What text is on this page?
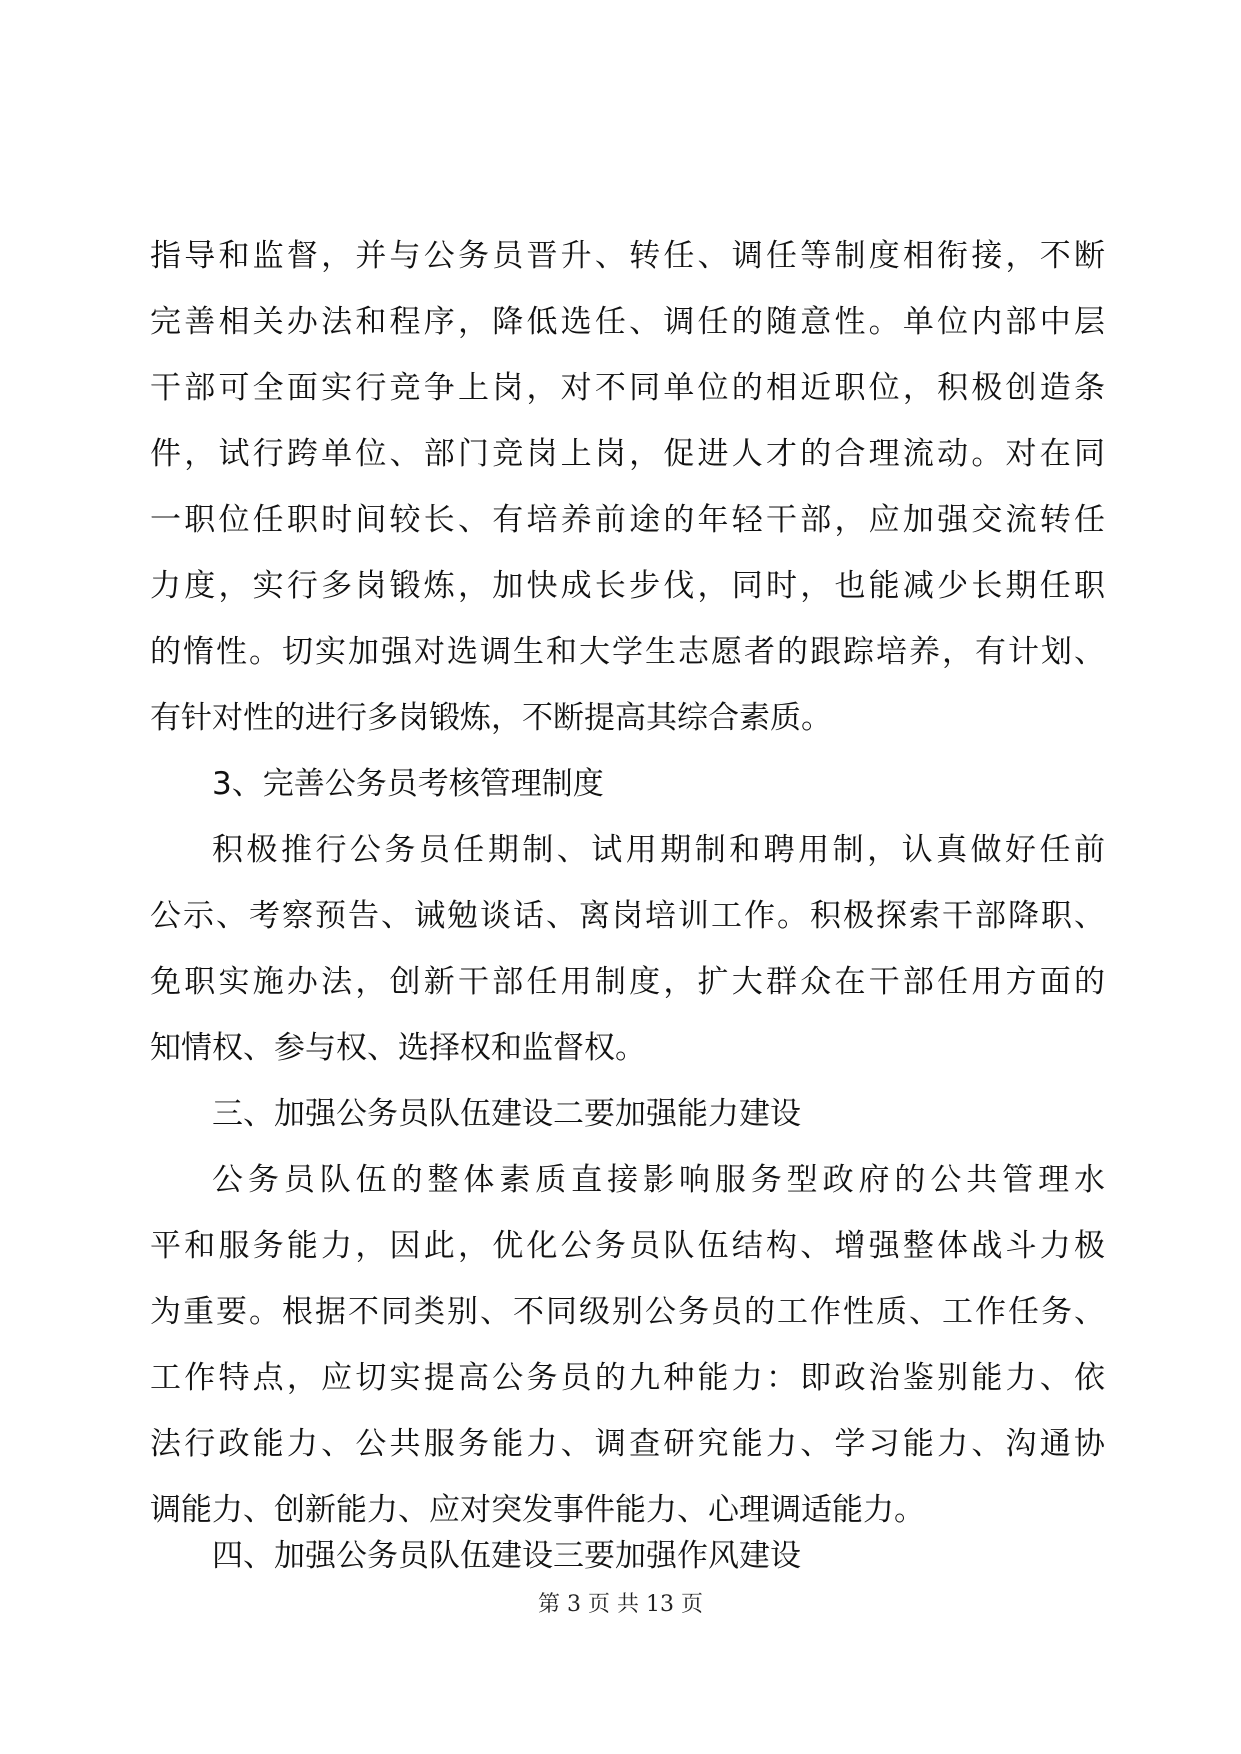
指导和监督，并与公务员晋升、转任、调任等制度相衔接，不断
完善相关办法和程序，降低选任、调任的随意性。单位内部中层
干部可全面实行竞争上岗，对不同单位的相近职位，积极创造条
件，试行跨单位、部门竞岗上岗，促进人才的合理流动。对在同
一职位任职时间较长、有培养前途的年轻干部，应加强交流转任
力度，实行多岗锻炼，加快成长步伐，同时，也能减少长期任职
的惰性。切实加强对选调生和大学生志愿者的跟踪培养，有计划、
有针对性的进行多岗锻炼，不断提高其综合素质。
3、完善公务员考核管理制度
积极推行公务员任期制、试用期制和聘用制，认真做好任前
公示、考察预告、诫勉谈话、离岗培训工作。积极探索干部降职、
免职实施办法，创新干部任用制度，扩大群众在干部任用方面的
知情权、参与权、选择权和监督权。
三、加强公务员队伍建设二要加强能力建设
公务员队伍的整体素质直接影响服务型政府的公共管理水
平和服务能力，因此，优化公务员队伍结构、增强整体战斗力极
为重要。根据不同类别、不同级别公务员的工作性质、工作任务、
工作特点，应切实提高公务员的九种能力：即政治鉴别能力、依
法行政能力、公共服务能力、调查研究能力、学习能力、沟通协
调能力、创新能力、应对突发事件能力、心理调适能力。
四、加强公务员队伍建设三要加强作风建设
第 3 页 共 13 页
